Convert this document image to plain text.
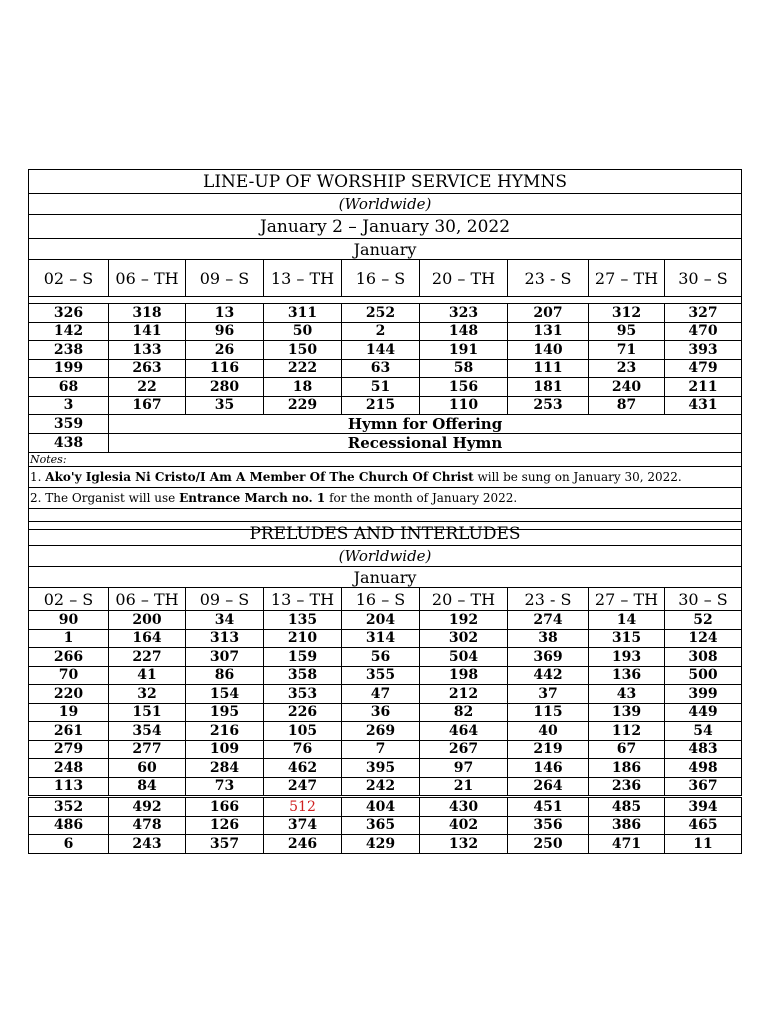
LINE-UP OF WORSHIP SERVICE HYMNS								
(Worldwide)								
January 2 – January 30, 2022								
January								
02 – S	06 – TH	09 – S	13 – TH	16 – S	20 – TH	23 - S	27 – TH	30 – S

326	318	13	311	252	323	207	312	327
142	141	96	50	2	148	131	95	470
238	133	26	150	144	191	140	71	393
199	263	116	222	63	58	111	23	479
68	22	280	18	51	156	181	240	211
3	167	35	229	215	110	253	87	431
359	Hymn for Offering							
438	Recessional Hymn							
Notes:								
1. Ako'y Iglesia Ni Cristo/I Am A Member Of The Church Of Christ will be sung on January 30, 2022.								
2. The Organist will use Entrance March no. 1 for the month of January 2022.								

PRELUDES AND INTERLUDES								
(Worldwide)								
January								
02 – S	06 – TH	09 – S	13 – TH	16 – S	20 – TH	23 - S	27 – TH	30 – S
90	200	34	135	204	192	274	14	52
1	164	313	210	314	302	38	315	124
266	227	307	159	56	504	369	193	308
70	41	86	358	355	198	442	136	500
220	32	154	353	47	212	37	43	399
19	151	195	226	36	82	115	139	449
261	354	216	105	269	464	40	112	54
279	277	109	76	7	267	219	67	483
248	60	284	462	395	97	146	186	498
113	84	73	247	242	21	264	236	367
352	492	166	512	404	430	451	485	394
486	478	126	374	365	402	356	386	465
6	243	357	246	429	132	250	471	11
